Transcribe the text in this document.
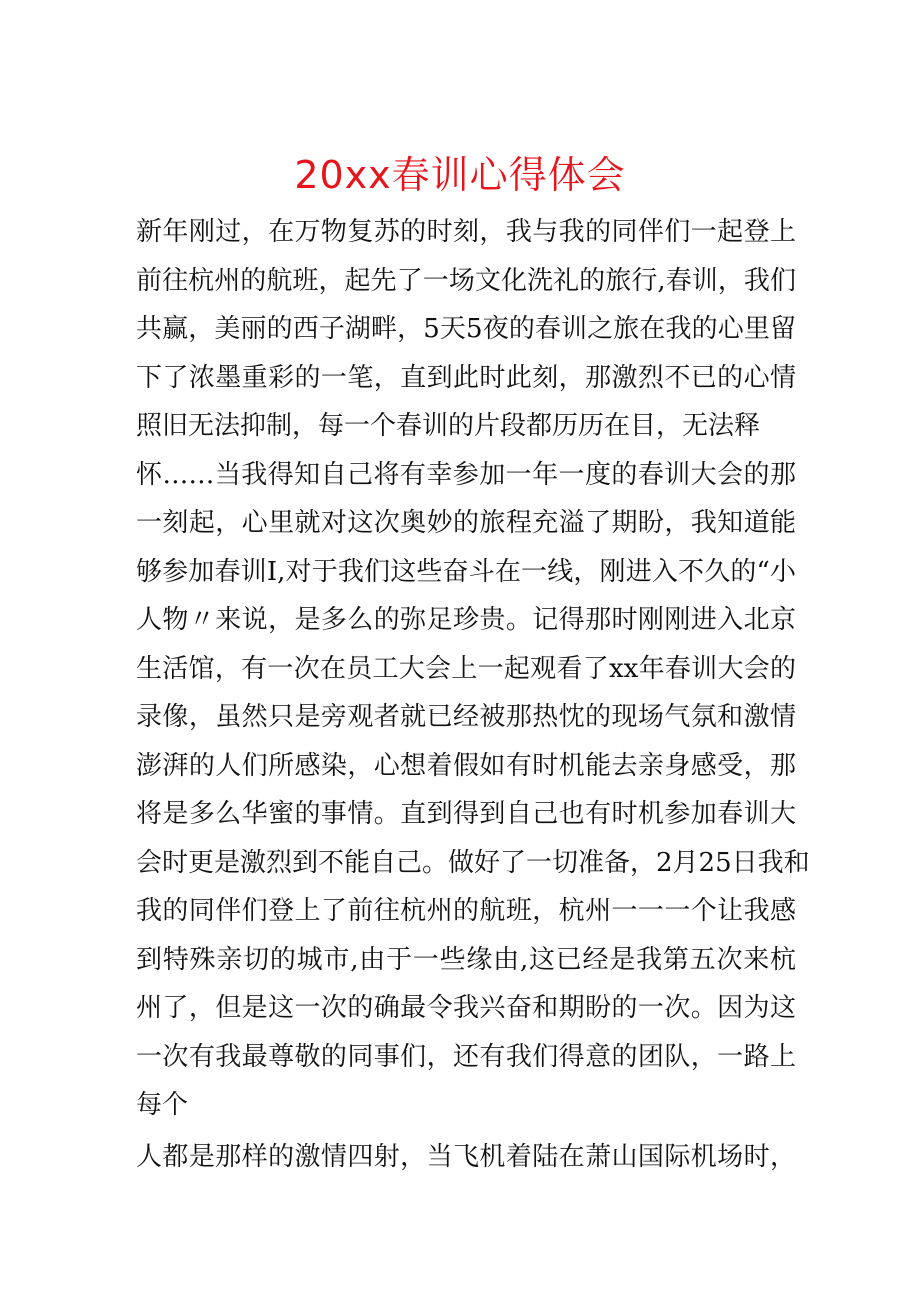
20xx春训心得体会
新年刚过，在万物复苏的时刻，我与我的同伴们一起登上
前往杭州的航班，起先了一场文化洗礼的旅行,春训，我们
共赢，美丽的西子湖畔，5天5夜的春训之旅在我的心里留
下了浓墨重彩的一笔，直到此时此刻，那激烈不已的心情
照旧无法抑制，每一个春训的片段都历历在目，无法释
怀……当我得知自己将有幸参加一年一度的春训大会的那
一刻起，心里就对这次奥妙的旅程充溢了期盼，我知道能
够参加春训I,对于我们这些奋斗在一线，刚进入不久的“小
人物〃来说，是多么的弥足珍贵。记得那时刚刚进入北京
生活馆，有一次在员工大会上一起观看了xx年春训大会的
录像，虽然只是旁观者就已经被那热忱的现场气氛和激情
澎湃的人们所感染，心想着假如有时机能去亲身感受，那
将是多么华蜜的事情。直到得到自己也有时机参加春训大
会时更是激烈到不能自己。做好了一切准备，2月25日我和
我的同伴们登上了前往杭州的航班，杭州一一一个让我感
到特殊亲切的城市,由于一些缘由,这已经是我第五次来杭
州了，但是这一次的确最令我兴奋和期盼的一次。因为这
一次有我最尊敬的同事们，还有我们得意的团队，一路上
每个
人都是那样的激情四射，当飞机着陆在萧山国际机场时，
